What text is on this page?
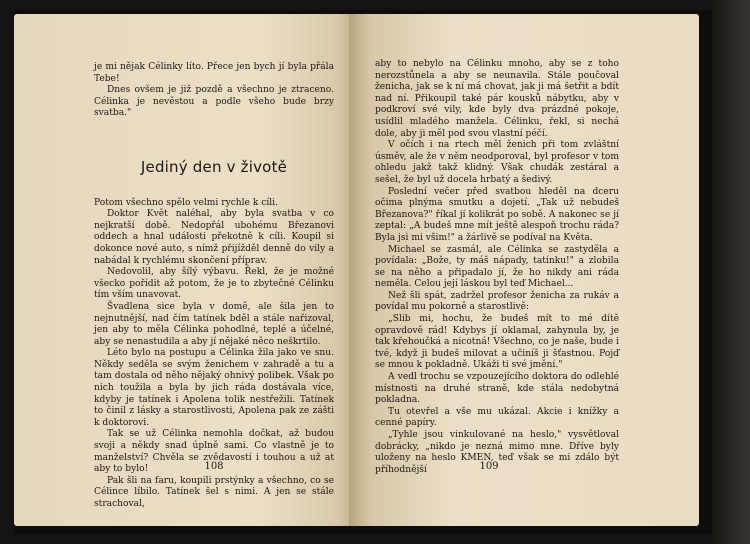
je mi nějak Célinky líto. Přece jen bych jí byla přála Tebe!

Dnes ovšem je již pozdě a všechno je ztraceno. Célinka je nevěstou a podle všeho bude brzy svatba."

Jediný den v životě

Potom všechno spělo velmi rychle k cíli.

Doktor Květ naléhal, aby byla svatba v co nejkratší době. Nedopřál ubohému Březanovi oddech a hnal události překotně k cíli. Koupil si dokonce nové auto, s nímž přijížděl denně do vily a nabádal k rychlému skončení příprav.

Nedovolil, aby šílý výbavu. Řekl, že je možné všecko pořídit až potom, že je to zbytečné Célinku tím vším unavovat.

Švadlena sice byla v domě, ale šila jen to nejnutnější, nad čím tatínek bděl a stále nařizoval, jen aby to měla Célinka pohodlné, teplé a účelné, aby se nenastudila a aby jí nějaké něco neškrtilo.

Léto bylo na postupu a Célinka žila jako ve snu. Někdy seděla se svým ženichem v zahradě a tu a tam dostala od něho nějaký ohnivý polibek. Však po nich toužila a byla by jich ráda dostávala více, kdyby je tatínek i Apolena tolik nestřežili. Tatínek to činil z lásky a starostlivosti, Apolena pak ze zášti k doktorovi.

Tak se už Célinka nemohla dočkat, až budou svoji a někdy snad úplně sami. Co vlastně je to manželství? Chvěla se zvědavostí i touhou a už at aby to bylo!

Pak šli na faru, koupili prstýnky a všechno, co se Célince líbilo. Tatínek šel s nimi. A jen se stále strachoval,

108

aby to nebylo na Célinku mnoho, aby se z toho nerozstůnela a aby se neunavila. Stále poučoval ženicha, jak se k ní má chovat, jak ji má šetřit a bdít nad ní. Přikoupil také pár kousků nábytku, aby v podkroví své vily, kde byly dva prázdné pokoje, usídlil mladého manžela. Célinku, řekl, si nechá dole, aby ji měl pod svou vlastní péčí.

V očích i na rtech měl ženich při tom zvláštní úsměv, ale že v něm neodporoval, byl profesor v tom ohledu jakž takž klidný. Však chudák zestáral a sešel, že byl už docela hrbatý a šedivý.

Poslední večer před svatbou hleděl na dceru očima plnýma smutku a dojetí. „Tak už nebudeš Březanova?" říkal jí kolikrát po sobě. A nakonec se jí zeptal: „A budeš mne mít ještě alespoň trochu ráda? Byla jsi mi všim!" a žárlivě se podíval na Květa.

Michael se zasmál, ale Célinka se zastyděla a povídala: „Bože, ty máš nápady, tatínku!" a zlobila se na něho a připadalo jí, že ho nikdy ani ráda neměla. Celou její láskou byl teď Michael...

Než šli spát, zadržel profesor ženicha za rukáv a povídal mu pokorně a starostlivě:

„Slib mi, hochu, že budeš mít to mé dítě opravdově rád! Kdybys jí oklamal, zahynula by, je tak křehoučká a nicotná! Všechno, co je naše, bude i tvé, když ji budeš milovat a učiníš ji šťastnou. Pojď se mnou k pokladně. Ukáži ti své jmění."

A vedl trochu se vzpouzejícího doktora do odlehlé místnosti na druhé straně, kde stála nedobytná pokladna.

Tu otevřel a vše mu ukázal. Akcie i knížky a cenné papíry.

„Tyhle jsou vinkulované na heslo," vysvětloval dobrácky, „nikdo je nezná mimo mne. Dříve byly uloženy na heslo KMEN, teď však se mi zdálo být příhodnější	109
